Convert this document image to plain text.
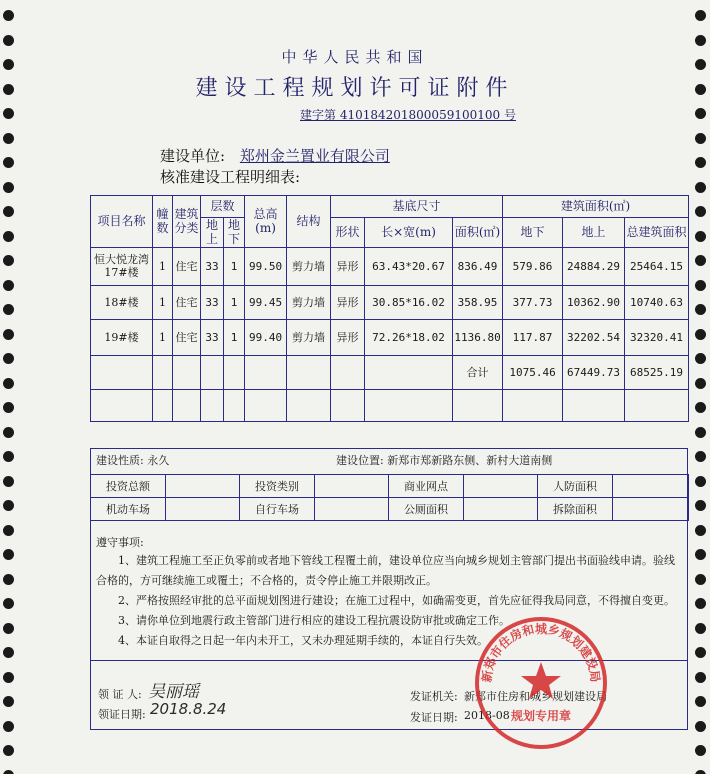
中华人民共和国
建设工程规划许可证附件
建字第 410184201800059100100 号
建设单位: 郑州金兰置业有限公司
核准建设工程明细表:
项目名称	幢数	建筑分类	层数		总高(m)	结构	基底尺寸			建筑面积(㎡)		
			地上	地下			形状	长×宽(m)	面积(㎡)	地下	地上	总建筑面积

恒大悦龙湾17#楼	1	住宅	33	1	99.50	剪力墙	异形	63.43*20.67	836.49	579.86	24884.29	25464.15
18#楼	1	住宅	33	1	99.45	剪力墙	异形	30.85*16.02	358.95	377.73	10362.90	10740.63
19#楼	1	住宅	33	1	99.40	剪力墙	异形	72.26*18.02	1136.80	117.87	32202.54	32320.41
									合计	1075.46	67449.73	68525.19

建设性质: 永久	建设位置: 新郑市郑新路东侧、新村大道南侧
投资总额		投资类别		商业网点		人防面积	
机动车场		自行车场		公厕面积		拆除面积	
遵守事项:
1、建筑工程施工至正负零前或者地下管线工程覆土前，建设单位应当向城乡规划主管部门提出书面验线申请。验线合格的，方可继续施工或覆土；不合格的，责令停止施工并限期改正。
2、严格按照经审批的总平面规划图进行建设；在施工过程中，如确需变更，首先应征得我局同意，不得擅自变更。
3、请你单位到地震行政主管部门进行相应的建设工程抗震设防审批或确定工作。
4、本证自取得之日起一年内未开工，又未办理延期手续的，本证自行失效。
领 证 人: 吴丽瑶
领证日期: 2018.8.24
发证机关: 新郑市住房和城乡规划建设局
发证日期: 2018-08
新郑市住房和城乡规划建设局
规划专用章
